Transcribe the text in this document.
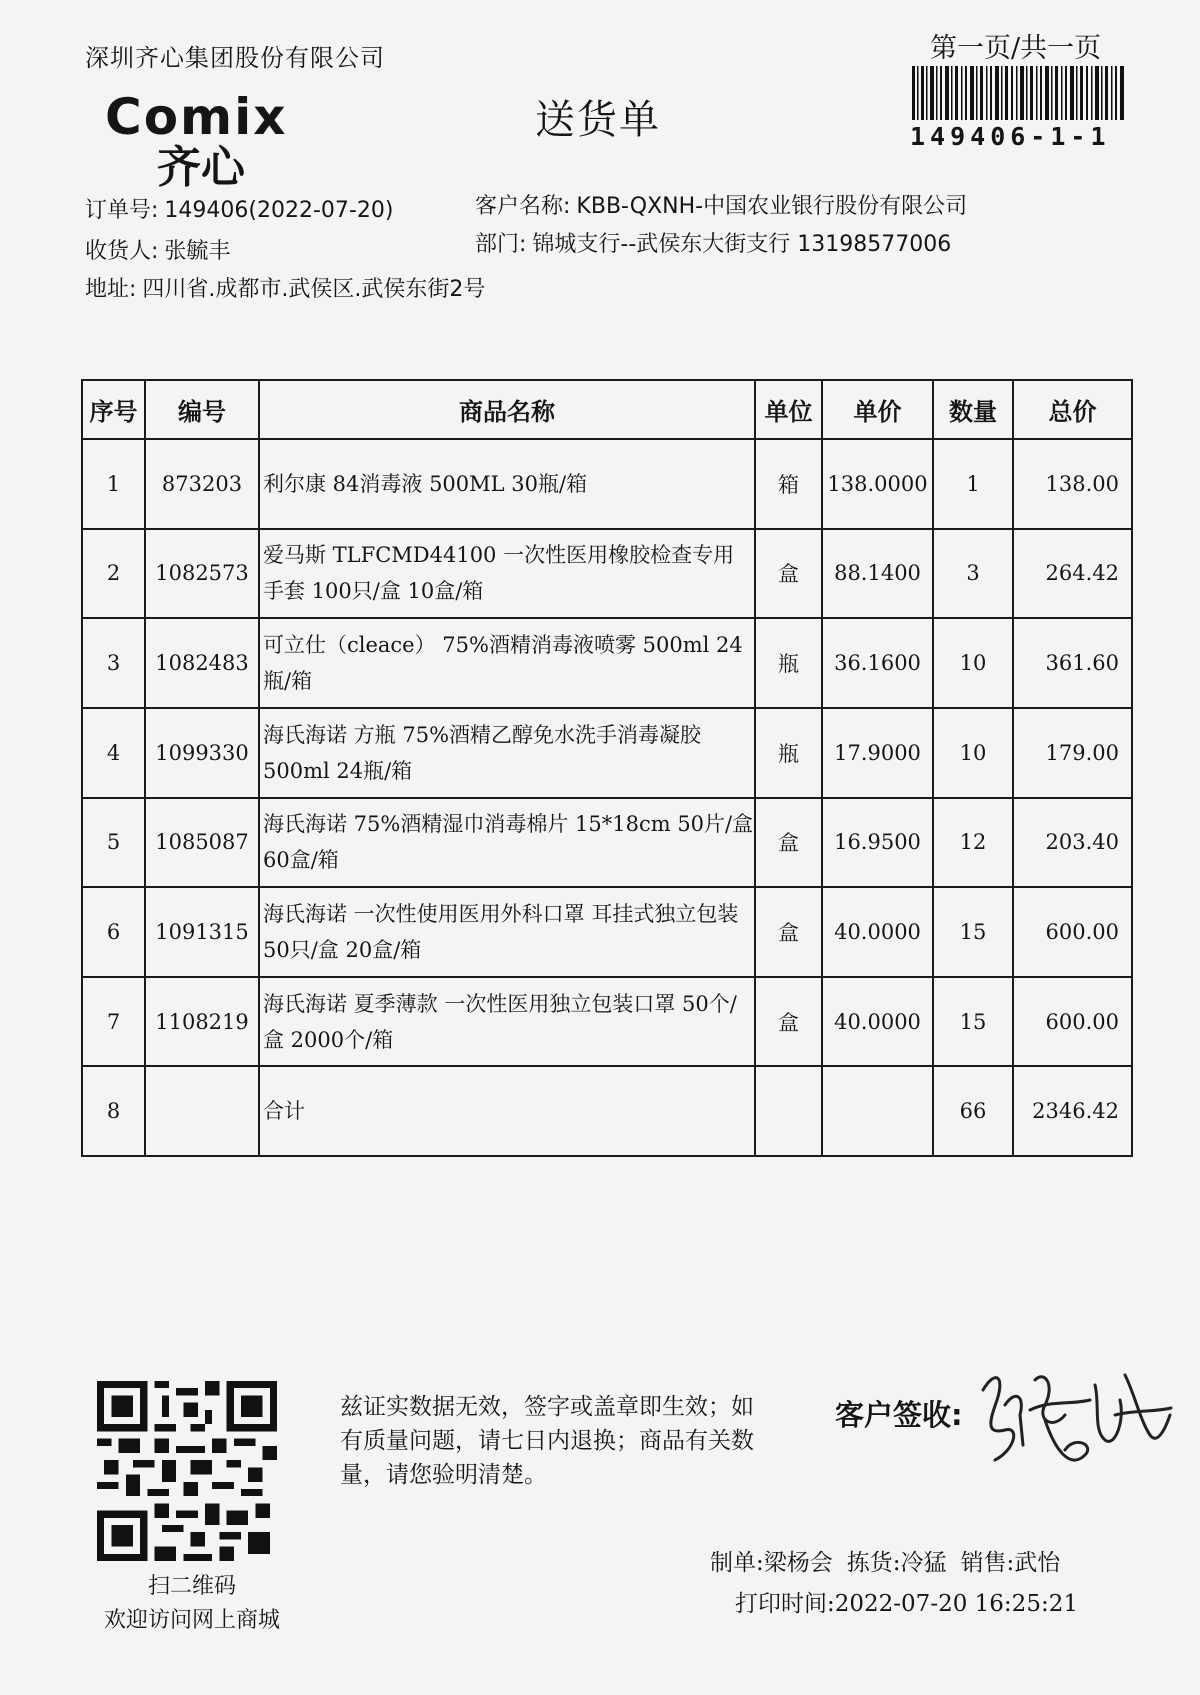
深圳齐心集团股份有限公司	第一页/共一页
149406-1-1
Comix
齐心
送货单
订单号: 149406(2022-07-20)
收货人: 张毓丰
地址: 四川省.成都市.武侯区.武侯东街2号
客户名称: KBB-QXNH-中国农业银行股份有限公司
部门: 锦城支行--武侯东大街支行 13198577006
序号	编号	商品名称	单位	单价	数量	总价
1	873203	利尔康 84消毒液 500ML 30瓶/箱	箱	138.0000	1	138.00
2	1082573	爱马斯 TLFCMD44100 一次性医用橡胶检查专用手套 100只/盒 10盒/箱	盒	88.1400	3	264.42
3	1082483	可立仕（cleace） 75%酒精消毒液喷雾 500ml 24瓶/箱	瓶	36.1600	10	361.60
4	1099330	海氏海诺 方瓶 75%酒精乙醇免水洗手消毒凝胶 500ml 24瓶/箱	瓶	17.9000	10	179.00
5	1085087	海氏海诺 75%酒精湿巾消毒棉片 15*18cm 50片/盒 60盒/箱	盒	16.9500	12	203.40
6	1091315	海氏海诺 一次性使用医用外科口罩 耳挂式独立包装 50只/盒 20盒/箱	盒	40.0000	15	600.00
7	1108219	海氏海诺 夏季薄款 一次性医用独立包装口罩 50个/盒 2000个/箱	盒	40.0000	15	600.00
8		合计			66	2346.42
扫二维码
欢迎访问网上商城
兹证实数据无效，签字或盖章即生效；如有质量问题，请七日内退换；商品有关数量，请您验明清楚。
客户签收:
制单:梁杨会 拣货:冷猛 销售:武怡
打印时间:2022-07-20 16:25:21
